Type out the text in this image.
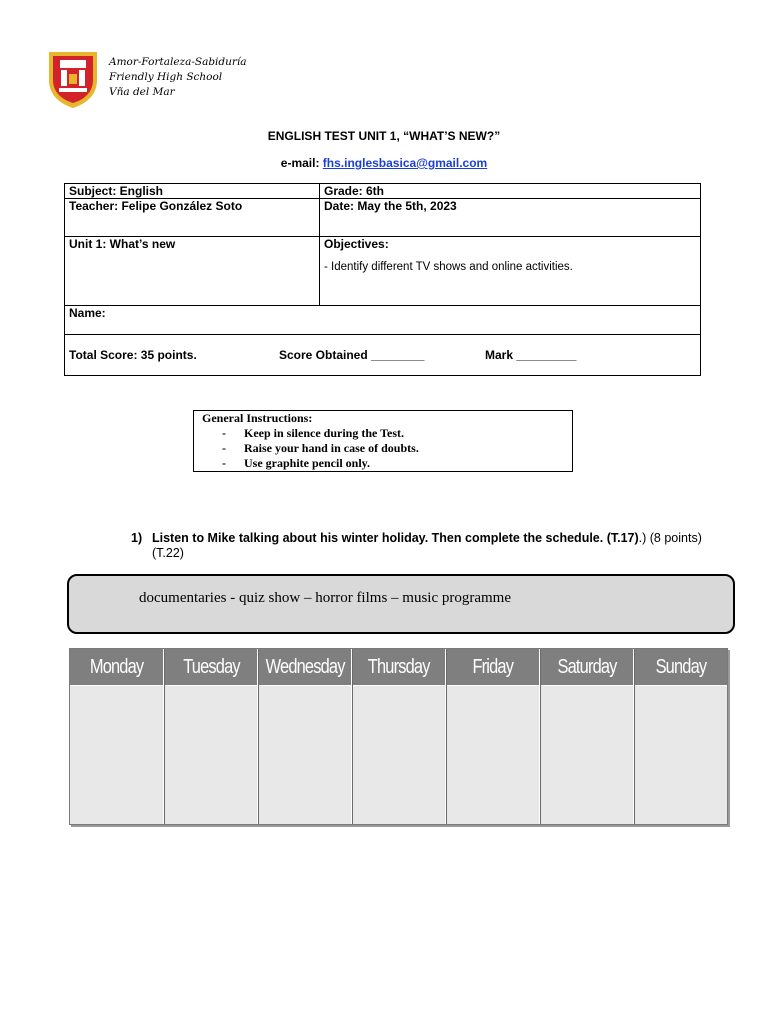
Amor-Fortaleza-Sabiduría
Friendly High School
Vña del Mar
ENGLISH TEST UNIT 1, “WHAT’S NEW?”
e-mail: fhs.inglesbasica@gmail.com
Subject: English	Grade: 6th
Teacher: Felipe González Soto	Date: May the 5th, 2023
Unit 1: What’s new	Objectives:
- Identify different TV shows and online activities.

Name:	
Total Score: 35 points. Score Obtained ________ Mark _________	
General Instructions:
- Keep in silence during the Test.
- Raise your hand in case of doubts.
- Use graphite pencil only.
1) Listen to Mike talking about his winter holiday. Then complete the schedule. (T.17).) (8 points) (T.22)
documentaries - quiz show – horror films – music programme
Monday Tuesday Wednesday Thursday Friday Saturday Sunday
